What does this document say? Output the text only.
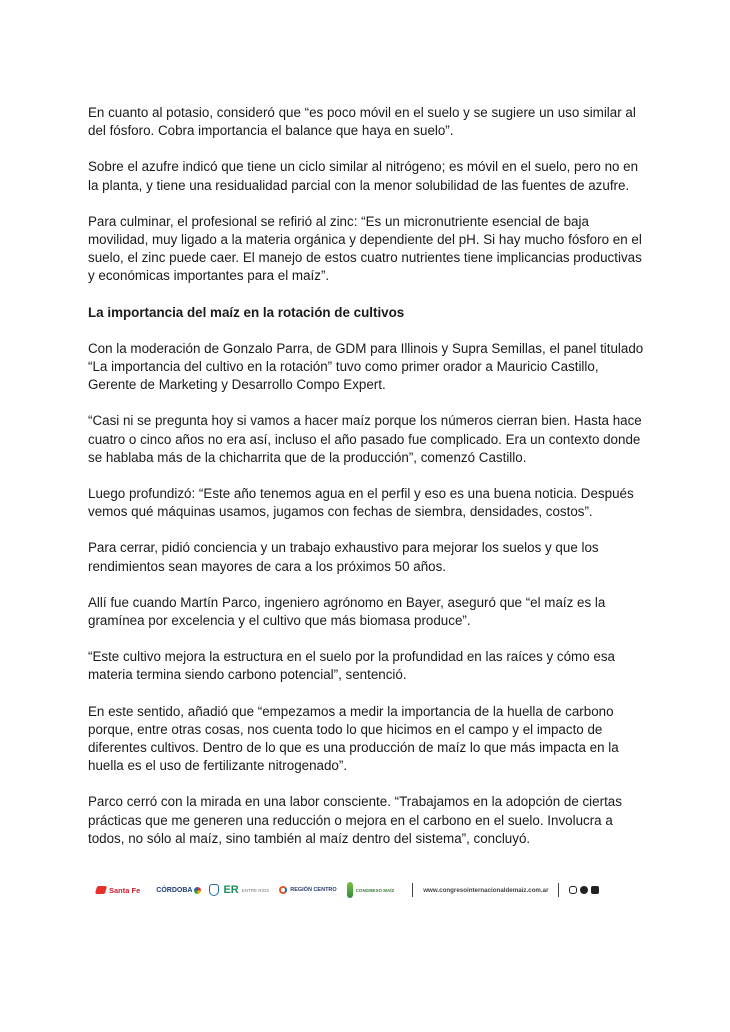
En cuanto al potasio, consideró que “es poco móvil en el suelo y se sugiere un uso similar al del fósforo. Cobra importancia el balance que haya en suelo”.

Sobre el azufre indicó que tiene un ciclo similar al nitrógeno; es móvil en el suelo, pero no en la planta, y tiene una residualidad parcial con la menor solubilidad de las fuentes de azufre.

Para culminar, el profesional se refirió al zinc: “Es un micronutriente esencial de baja movilidad, muy ligado a la materia orgánica y dependiente del pH. Si hay mucho fósforo en el suelo, el zinc puede caer. El manejo de estos cuatro nutrientes tiene implicancias productivas y económicas importantes para el maíz”.

La importancia del maíz en la rotación de cultivos

Con la moderación de Gonzalo Parra, de GDM para Illinois y Supra Semillas, el panel titulado “La importancia del cultivo en la rotación” tuvo como primer orador a Mauricio Castillo, Gerente de Marketing y Desarrollo Compo Expert.

“Casi ni se pregunta hoy si vamos a hacer maíz porque los números cierran bien. Hasta hace cuatro o cinco años no era así, incluso el año pasado fue complicado. Era un contexto donde se hablaba más de la chicharrita que de la producción”, comenzó Castillo.

Luego profundizó: “Este año tenemos agua en el perfil y eso es una buena noticia. Después vemos qué máquinas usamos, jugamos con fechas de siembra, densidades, costos”.

Para cerrar, pidió conciencia y un trabajo exhaustivo para mejorar los suelos y que los rendimientos sean mayores de cara a los próximos 50 años.

Allí fue cuando Martín Parco, ingeniero agrónomo en Bayer, aseguró que “el maíz es la gramínea por excelencia y el cultivo que más biomasa produce”.

“Este cultivo mejora la estructura en el suelo por la profundidad en las raíces y cómo esa materia termina siendo carbono potencial”, sentenció.

En este sentido, añadió que “empezamos a medir la importancia de la huella de carbono porque, entre otras cosas, nos cuenta todo lo que hicimos en el campo y el impacto de diferentes cultivos. Dentro de lo que es una producción de maíz lo que más impacta en la huella es el uso de fertilizante nitrogenado”.

Parco cerró con la mirada en una labor consciente. “Trabajamos en la adopción de ciertas prácticas que me generen una reducción o mejora en el carbono en el suelo. Involucra a todos, no sólo al maíz, sino también al maíz dentro del sistema”, concluyó.

Santa Fe CÓRDOBA	ER ENTRE RÍOS	REGIÓN CENTRO	CONGRESO MAÍZ	www.congresointernacionaldemaiz.com.ar
